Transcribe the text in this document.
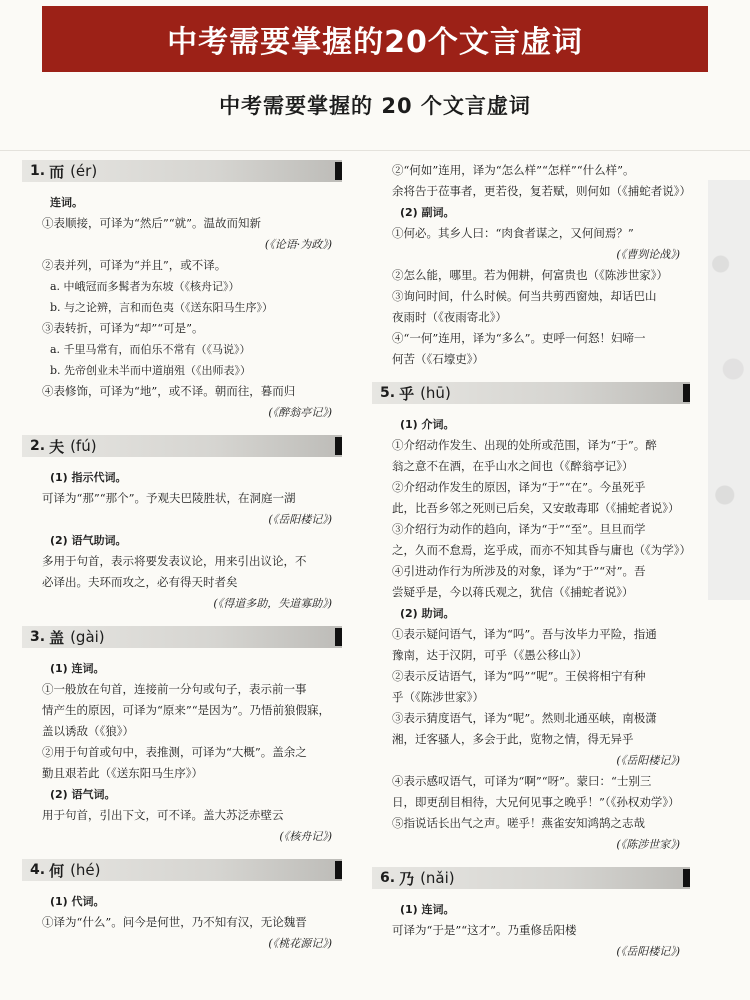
中考需要掌握的20个文言虚词
中考需要掌握的 20 个文言虚词
1. 而 (ér)
连词。
①表顺接，可译为“然后”“就”。温故而知新
(《论语·为政》)
②表并列，可译为“并且”，或不译。
a. 中峨冠而多髯者为东坡（《核舟记》）
b. 与之论辨，言和而色夷（《送东阳马生序》）
③表转折，可译为“却”“可是”。
a. 千里马常有，而伯乐不常有（《马说》）
b. 先帝创业未半而中道崩殂（《出师表》）
④表修饰，可译为“地”，或不译。朝而往，暮而归
(《醉翁亭记》)
2. 夫 (fú)
(1) 指示代词。
可译为“那”“那个”。予观夫巴陵胜状，在洞庭一湖
(《岳阳楼记》)
(2) 语气助词。
多用于句首，表示将要发表议论，用来引出议论，不
必译出。夫环而攻之，必有得天时者矣
(《得道多助，失道寡助》)
3. 盖 (gài)
(1) 连词。
①一般放在句首，连接前一分句或句子，表示前一事
情产生的原因，可译为“原来”“是因为”。乃悟前狼假寐，
盖以诱敌（《狼》）
②用于句首或句中，表推测，可译为“大概”。盖余之
勤且艰若此（《送东阳马生序》）
(2) 语气词。
用于句首，引出下文，可不译。盖大苏泛赤壁云
(《核舟记》)
4. 何 (hé)
(1) 代词。
①译为“什么”。问今是何世，乃不知有汉，无论魏晋
(《桃花源记》)
②“何如”连用，译为“怎么样”“怎样”“什么样”。
余将告于莅事者，更若役，复若赋，则何如（《捕蛇者说》）
(2) 副词。
①何必。其乡人曰：“肉食者谋之，又何间焉？”
(《曹刿论战》)
②怎么能，哪里。若为佣耕，何富贵也（《陈涉世家》）
③询问时间，什么时候。何当共剪西窗烛，却话巴山
夜雨时（《夜雨寄北》）
④“一何”连用，译为“多么”。吏呼一何怒！妇啼一
何苦（《石壕吏》）
5. 乎 (hū)
(1) 介词。
①介绍动作发生、出现的处所或范围，译为“于”。醉
翁之意不在酒，在乎山水之间也（《醉翁亭记》）
②介绍动作发生的原因，译为“于”“在”。今虽死乎
此，比吾乡邻之死则已后矣，又安敢毒耶（《捕蛇者说》）
③介绍行为动作的趋向，译为“于”“至”。旦旦而学
之，久而不怠焉，迄乎成，而亦不知其昏与庸也（《为学》）
④引进动作行为所涉及的对象，译为“于”“对”。吾
尝疑乎是，今以蒋氏观之，犹信（《捕蛇者说》）
(2) 助词。
①表示疑问语气，译为“吗”。吾与汝毕力平险，指通
豫南，达于汉阴，可乎（《愚公移山》）
②表示反诘语气，译为“吗”“呢”。王侯将相宁有种
乎（《陈涉世家》）
③表示猜度语气，译为“呢”。然则北通巫峡，南极潇
湘，迁客骚人，多会于此，览物之情，得无异乎
(《岳阳楼记》)
④表示感叹语气，可译为“啊”“呀”。蒙曰：“士别三
日，即更刮目相待，大兄何见事之晚乎！”（《孙权劝学》）
⑤指说话长出气之声。嗟乎！燕雀安知鸿鹄之志哉
(《陈涉世家》)
6. 乃 (nǎi)
(1) 连词。
可译为“于是”“这才”。乃重修岳阳楼
(《岳阳楼记》)
